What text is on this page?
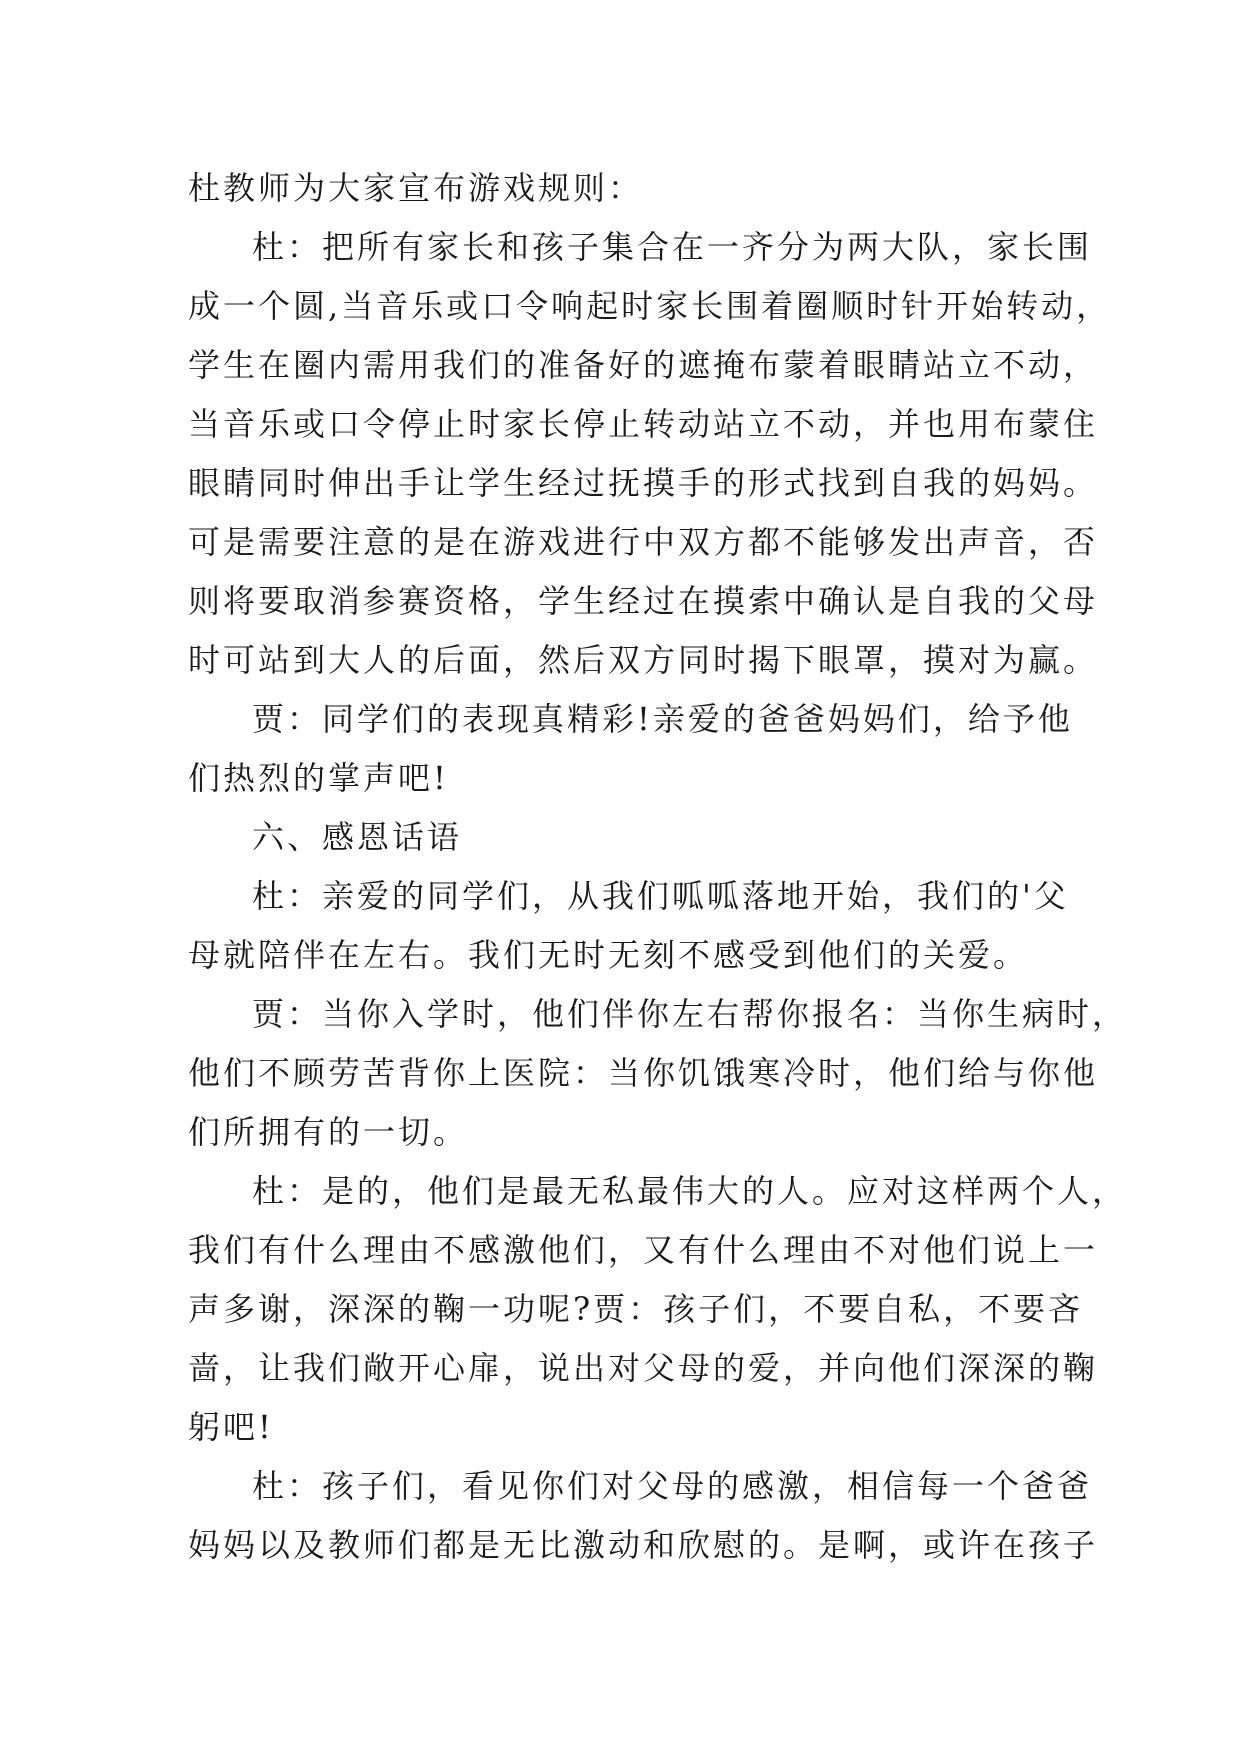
杜教师为大家宣布游戏规则：
杜：把所有家长和孩子集合在一齐分为两大队，家长围
成一个圆,当音乐或口令响起时家长围着圈顺时针开始转动，
学生在圈内需用我们的准备好的遮掩布蒙着眼睛站立不动，
当音乐或口令停止时家长停止转动站立不动，并也用布蒙住
眼睛同时伸出手让学生经过抚摸手的形式找到自我的妈妈。
可是需要注意的是在游戏进行中双方都不能够发出声音，否
则将要取消参赛资格，学生经过在摸索中确认是自我的父母
时可站到大人的后面，然后双方同时揭下眼罩，摸对为赢。
贾：同学们的表现真精彩!亲爱的爸爸妈妈们，给予他
们热烈的掌声吧!
六、感恩话语
杜：亲爱的同学们，从我们呱呱落地开始，我们的'父
母就陪伴在左右。我们无时无刻不感受到他们的关爱。
贾：当你入学时，他们伴你左右帮你报名：当你生病时，
他们不顾劳苦背你上医院：当你饥饿寒冷时，他们给与你他
们所拥有的一切。
杜：是的，他们是最无私最伟大的人。应对这样两个人，
我们有什么理由不感激他们，又有什么理由不对他们说上一
声多谢，深深的鞠一功呢?贾：孩子们，不要自私，不要吝
啬，让我们敞开心扉，说出对父母的爱，并向他们深深的鞠
躬吧!
杜：孩子们，看见你们对父母的感激，相信每一个爸爸
妈妈以及教师们都是无比激动和欣慰的。是啊，或许在孩子
